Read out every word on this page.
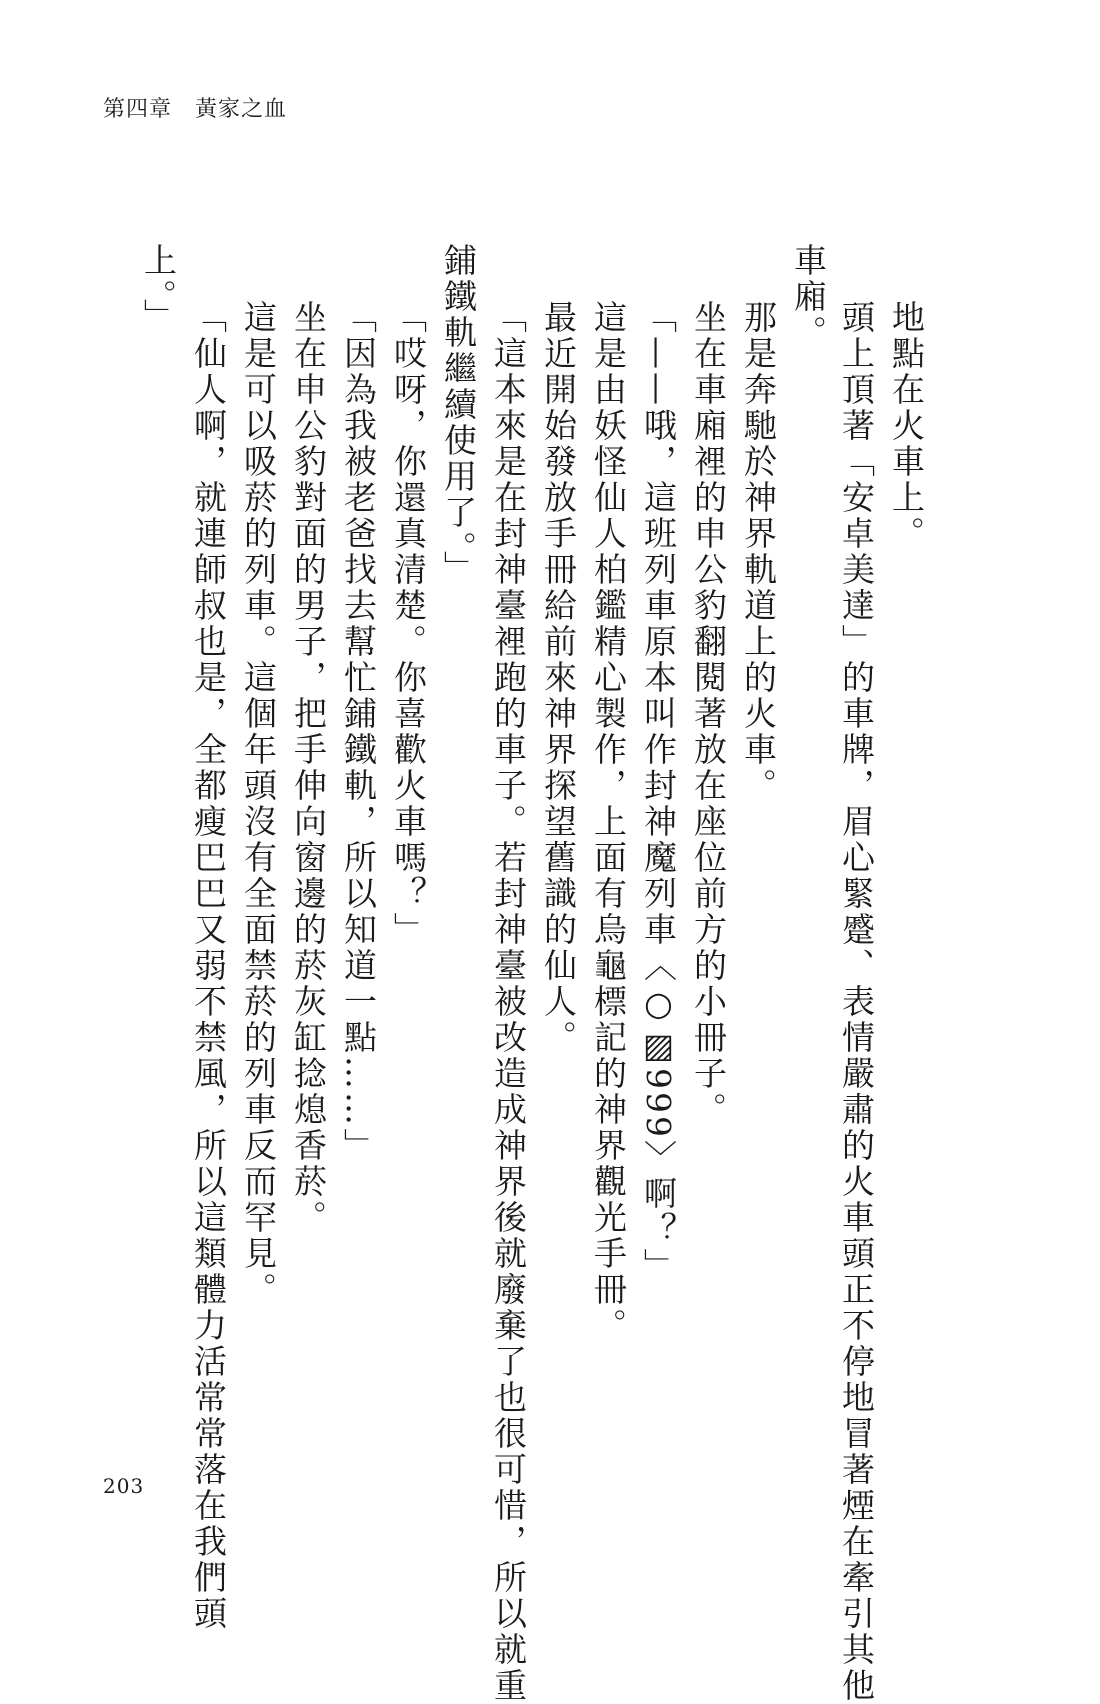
第四章　黃家之血
地點在火車上。
頭上頂著「安卓美達」的車牌，眉心緊蹙、表情嚴肅的火車頭正不停地冒著煙在牽引其他
車廂。
那是奔馳於神界軌道上的火車。
坐在車廂裡的申公豹翻閱著放在座位前方的小冊子。
「——哦，這班列車原本叫作封神魔列車〈○▨999〉啊？」
這是由妖怪仙人柏鑑精心製作，上面有烏龜標記的神界觀光手冊。
最近開始發放手冊給前來神界探望舊識的仙人。
「這本來是在封神臺裡跑的車子。若封神臺被改造成神界後就廢棄了也很可惜，所以就重
鋪鐵軌繼續使用了。」
「哎呀，你還真清楚。你喜歡火車嗎？」
「因為我被老爸找去幫忙鋪鐵軌，所以知道一點……」
坐在申公豹對面的男子，把手伸向窗邊的菸灰缸捻熄香菸。
這是可以吸菸的列車。這個年頭沒有全面禁菸的列車反而罕見。
「仙人啊，就連師叔也是，全都瘦巴巴又弱不禁風，所以這類體力活常常落在我們頭
上。」
203
